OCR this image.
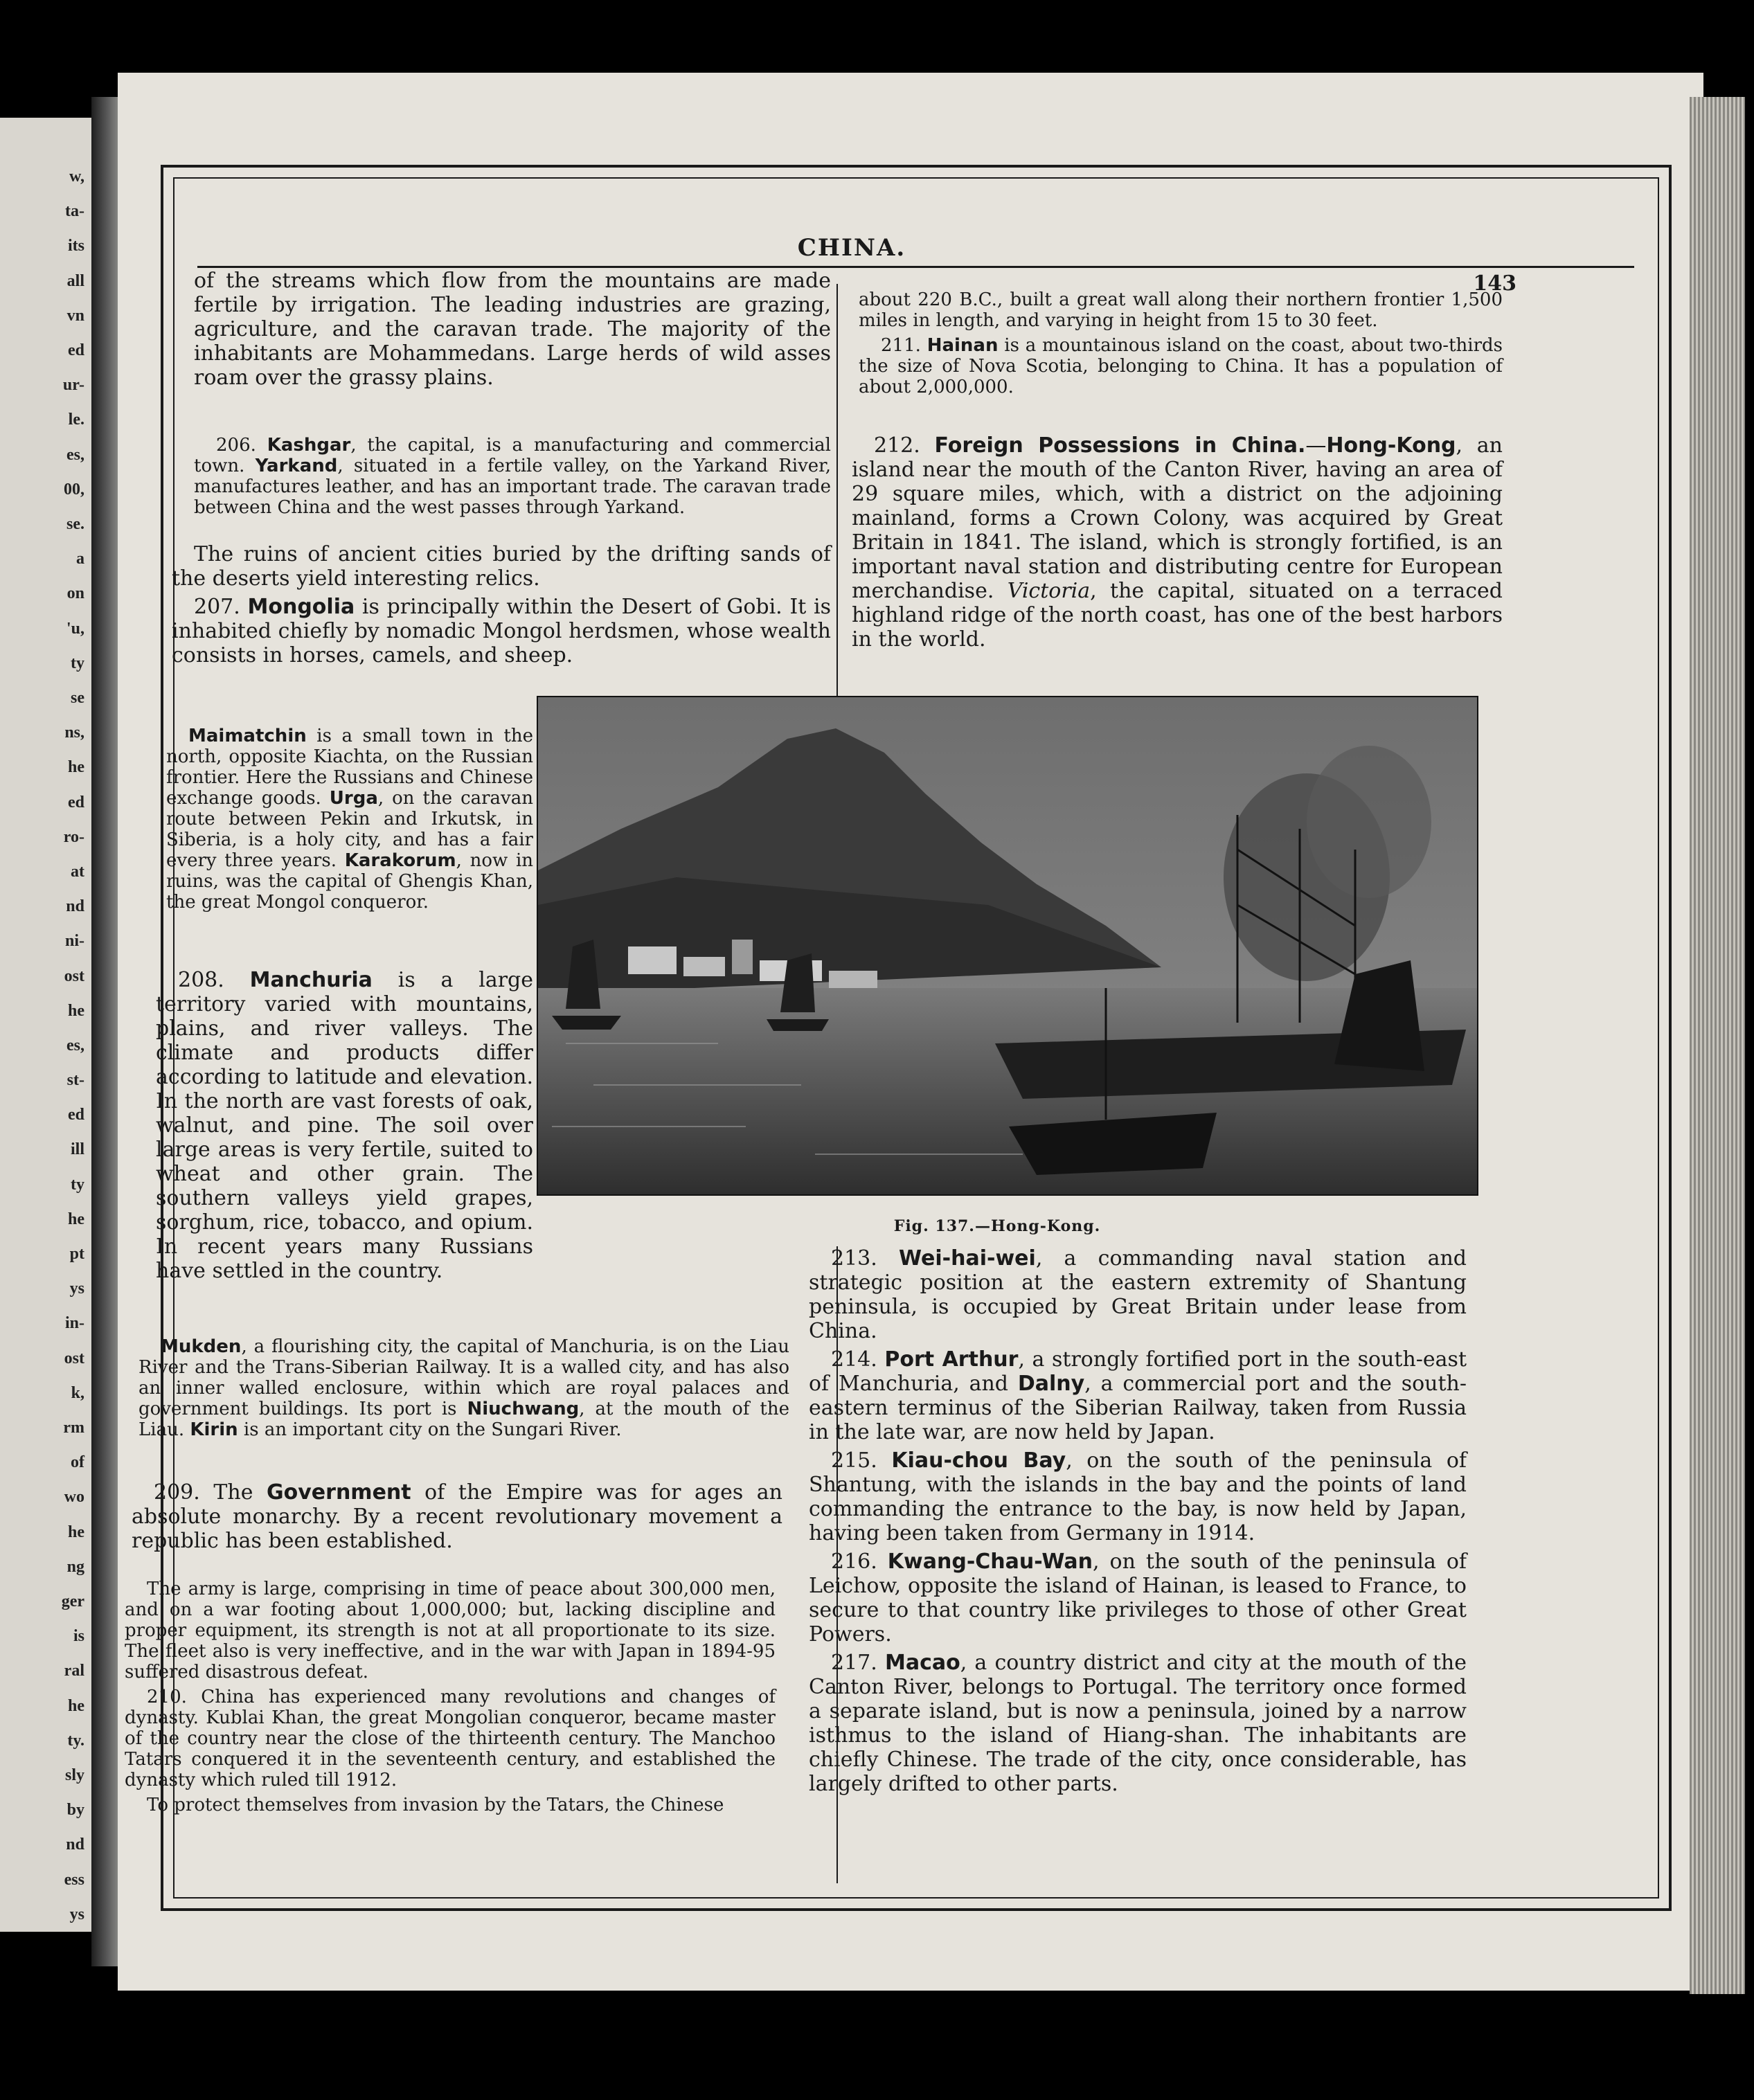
w,
ta-
its
all
vn
ed
ur-
le.
es,
00,
se.
a
on
'u,
ty
se
ns,
he
ed
ro-
at
nd
ni-
ost
he
es,
st-
ed
ill
ty
he
pt
ys
in-
ost
k,
rm
of
wo
he
ng
ger
is
ral
he
ty.
sly
by
nd
ess
ys
CHINA.
143

of the streams which flow from the mountains are made fertile by irrigation. The leading industries are grazing, agriculture, and the caravan trade. The majority of the inhabitants are Mohammedans. Large herds of wild asses roam over the grassy plains.

206. Kashgar, the capital, is a manufacturing and commercial town. Yarkand, situated in a fertile valley, on the Yarkand River, manufactures leather, and has an important trade. The caravan trade between China and the west passes through Yarkand.

The ruins of ancient cities buried by the drifting sands of the deserts yield interesting relics.

207. Mongolia is principally within the Desert of Gobi. It is inhabited chiefly by nomadic Mongol herdsmen, whose wealth consists in horses, camels, and sheep.

Maimatchin is a small town in the north, opposite Kiachta, on the Russian frontier. Here the Russians and Chinese exchange goods. Urga, on the caravan route between Pekin and Irkutsk, in Siberia, is a holy city, and has a fair every three years. Karakorum, now in ruins, was the capital of Ghengis Khan, the great Mongol conqueror.

208. Manchuria is a large territory varied with mountains, plains, and river valleys. The climate and products differ according to latitude and elevation. In the north are vast forests of oak, walnut, and pine. The soil over large areas is very fertile, suited to wheat and other grain. The southern valleys yield grapes, sorghum, rice, tobacco, and opium. In recent years many Russians have settled in the country.

Mukden, a flourishing city, the capital of Manchuria, is on the Liau River and the Trans-Siberian Railway. It is a walled city, and has also an inner walled enclosure, within which are royal palaces and government buildings. Its port is Niuchwang, at the mouth of the Liau. Kirin is an important city on the Sungari River.

209. The Government of the Empire was for ages an absolute monarchy. By a recent revolutionary movement a republic has been established.

The army is large, comprising in time of peace about 300,000 men, and on a war footing about 1,000,000; but, lacking discipline and proper equipment, its strength is not at all proportionate to its size. The fleet also is very ineffective, and in the war with Japan in 1894-95 suffered disastrous defeat.

210. China has experienced many revolutions and changes of dynasty. Kublai Khan, the great Mongolian conqueror, became master of the country near the close of the thirteenth century. The Manchoo Tatars conquered it in the seventeenth century, and established the dynasty which ruled till 1912.

To protect themselves from invasion by the Tatars, the Chinese

about 220 B.C., built a great wall along their northern frontier 1,500 miles in length, and varying in height from 15 to 30 feet.

211. Hainan is a mountainous island on the coast, about two-thirds the size of Nova Scotia, belonging to China. It has a population of about 2,000,000.

212. Foreign Possessions in China.—Hong-Kong, an island near the mouth of the Canton River, having an area of 29 square miles, which, with a district on the adjoining mainland, forms a Crown Colony, was acquired by Great Britain in 1841. The island, which is strongly fortified, is an important naval station and distributing centre for European merchandise. Victoria, the capital, situated on a terraced highland ridge of the north coast, has one of the best harbors in the world.

Fig. 137.—Hong-Kong.

213. Wei-hai-wei, a commanding naval station and strategic position at the eastern extremity of Shantung peninsula, is occupied by Great Britain under lease from China.

214. Port Arthur, a strongly fortified port in the south-east of Manchuria, and Dalny, a commercial port and the south-eastern terminus of the Siberian Railway, taken from Russia in the late war, are now held by Japan.

215. Kiau-chou Bay, on the south of the peninsula of Shantung, with the islands in the bay and the points of land commanding the entrance to the bay, is now held by Japan, having been taken from Germany in 1914.

216. Kwang-Chau-Wan, on the south of the peninsula of Leichow, opposite the island of Hainan, is leased to France, to secure to that country like privileges to those of other Great Powers.

217. Macao, a country district and city at the mouth of the Canton River, belongs to Portugal. The territory once formed a separate island, but is now a peninsula, joined by a narrow isthmus to the island of Hiang-shan. The inhabitants are chiefly Chinese. The trade of the city, once considerable, has largely drifted to other parts.
